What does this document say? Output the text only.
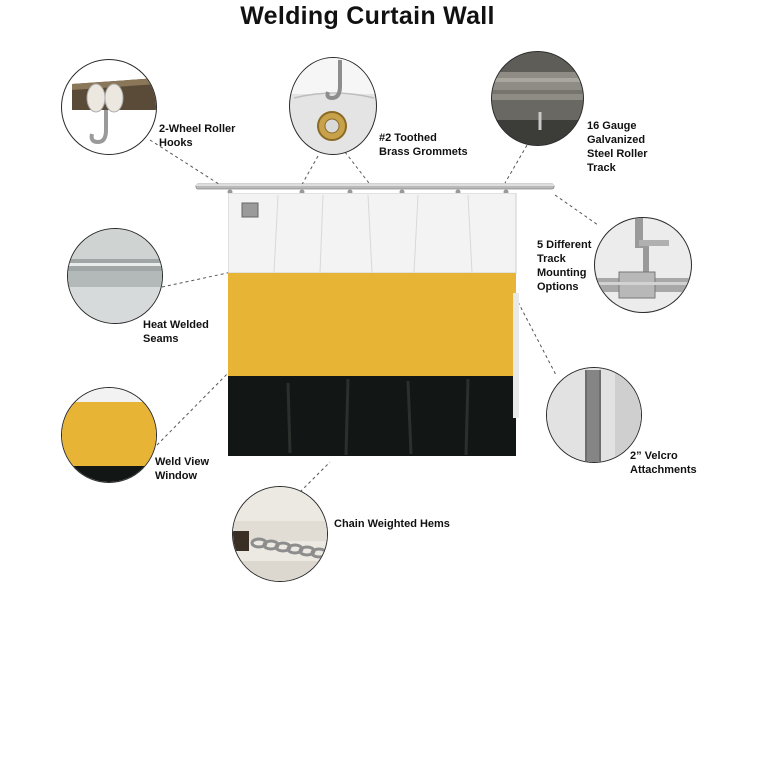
Welding Curtain Wall
2-Wheel Roller
Hooks	#2 Toothed
Brass Grommets
16 Gauge
Galvanized
Steel Roller
Track
5 Different
Track
Mounting
Options
Heat Welded
Seams
2” Velcro
Attachments
Weld View
Window
Chain Weighted Hems
